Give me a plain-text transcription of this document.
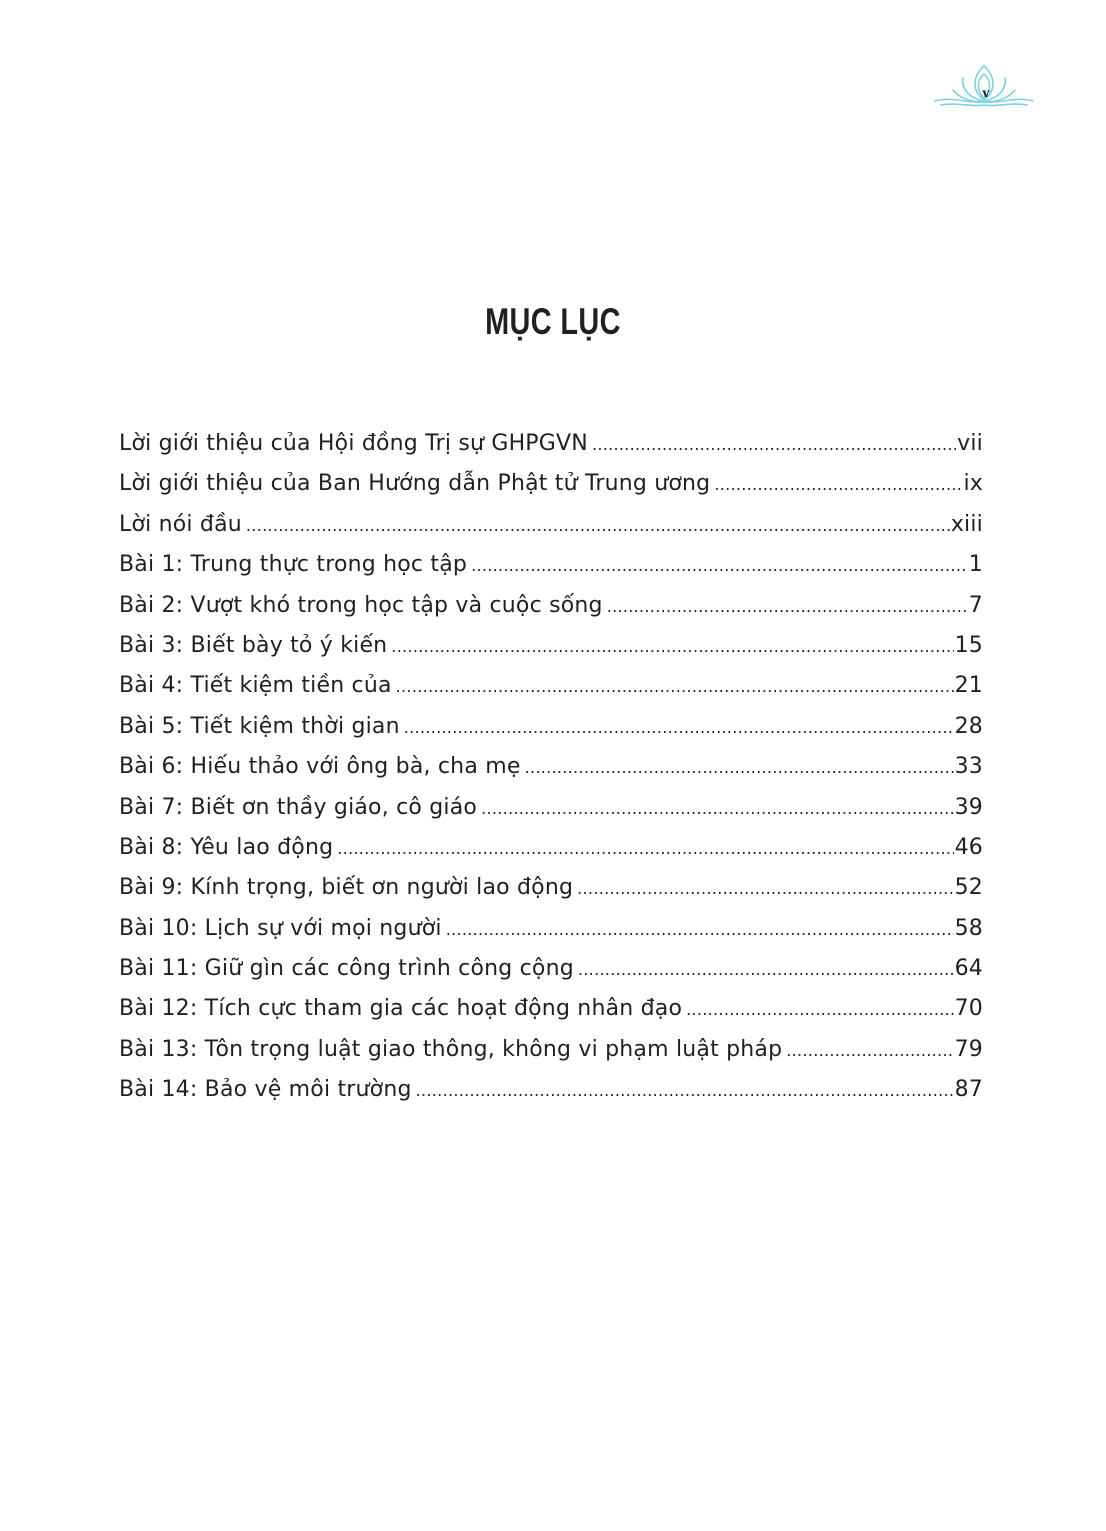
v
MỤC LỤC
Lời giới thiệu của Hội đồng Trị sự GHPGVN .....	vii
Lời giới thiệu của Ban Hướng dẫn Phật tử Trung ương .....	ix
Lời nói đầu .....	xiii
Bài 1: Trung thực trong học tập .....	1
Bài 2: Vượt khó trong học tập và cuộc sống .....	7
Bài 3: Biết bày tỏ ý kiến .....	15
Bài 4: Tiết kiệm tiền của .....	21
Bài 5: Tiết kiệm thời gian .....	28
Bài 6: Hiếu thảo với ông bà, cha mẹ .....	33
Bài 7: Biết ơn thầy giáo, cô giáo .....	39
Bài 8: Yêu lao động .....	46
Bài 9: Kính trọng, biết ơn người lao động .....	52
Bài 10: Lịch sự với mọi người .....	58
Bài 11: Giữ gìn các công trình công cộng .....	64
Bài 12: Tích cực tham gia các hoạt động nhân đạo .....	70
Bài 13: Tôn trọng luật giao thông, không vi phạm luật pháp .....	79
Bài 14: Bảo vệ môi trường .....	87
